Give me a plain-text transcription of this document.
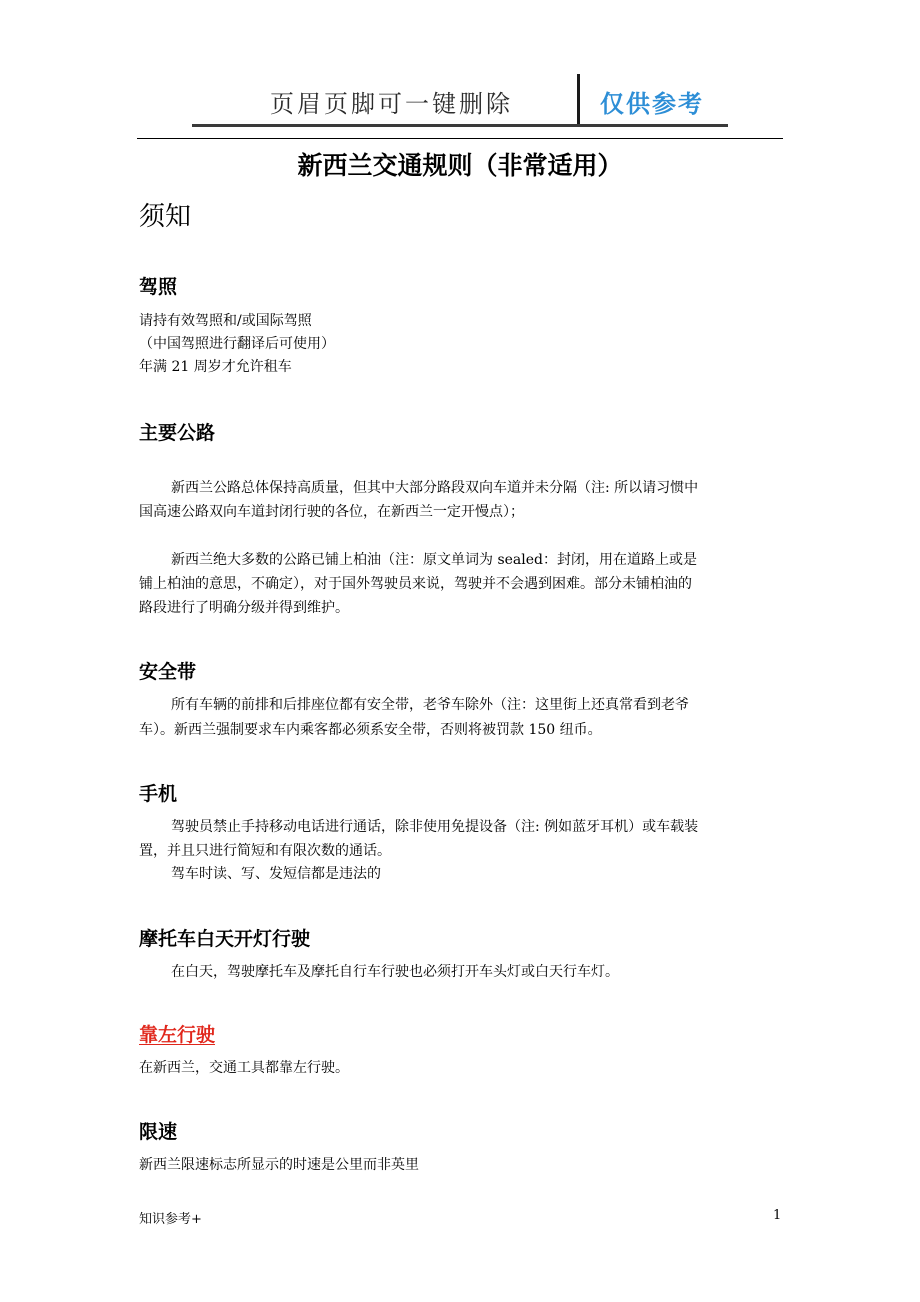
页眉页脚可一键删除	仅供参考
新西兰交通规则（非常适用）
须知
驾照
请持有效驾照和/或国际驾照
（中国驾照进行翻译后可使用）
年满 21 周岁才允许租车
主要公路
新西兰公路总体保持高质量，但其中大部分路段双向车道并未分隔（注: 所以请习惯中
国高速公路双向车道封闭行驶的各位，在新西兰一定开慢点）；
新西兰绝大多数的公路已铺上柏油（注：原文单词为 sealed：封闭，用在道路上或是
铺上柏油的意思，不确定），对于国外驾驶员来说，驾驶并不会遇到困难。部分未铺柏油的
路段进行了明确分级并得到维护。
安全带
所有车辆的前排和后排座位都有安全带，老爷车除外（注：这里街上还真常看到老爷
车）。新西兰强制要求车内乘客都必须系安全带，否则将被罚款 150 纽币。
手机
驾驶员禁止手持移动电话进行通话，除非使用免提设备（注: 例如蓝牙耳机）或车载装
置，并且只进行简短和有限次数的通话。
驾车时读、写、发短信都是违法的
摩托车白天开灯行驶
在白天，驾驶摩托车及摩托自行车行驶也必须打开车头灯或白天行车灯。
靠左行驶
在新西兰，交通工具都靠左行驶。
限速
新西兰限速标志所显示的时速是公里而非英里
知识参考+	1
